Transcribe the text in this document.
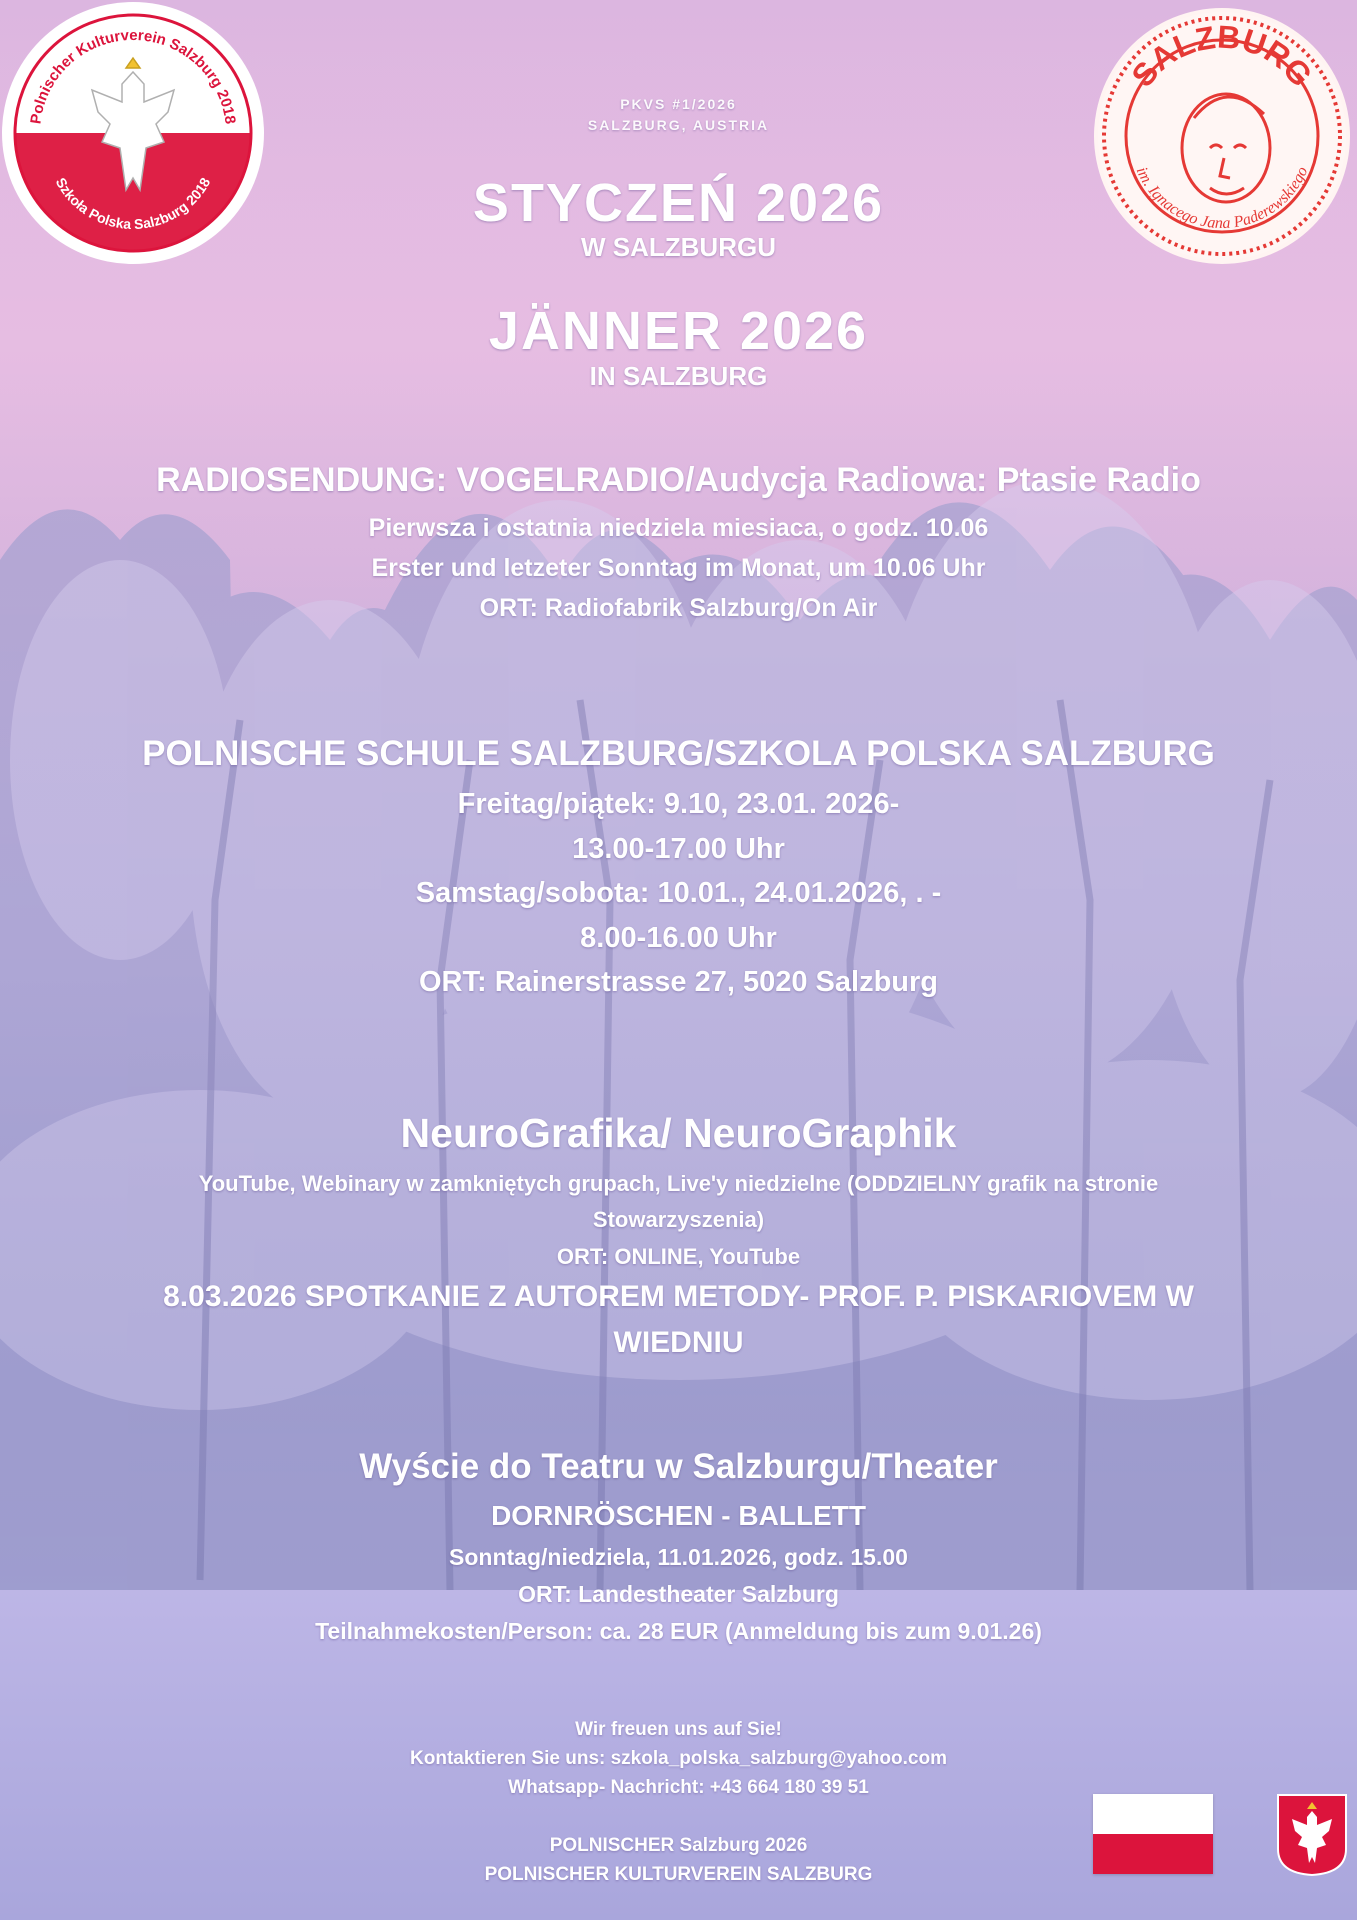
Polnischer Kulturverein Salzburg 2018
Szkoła Polska Salzburg 2018
SALZBURG
im. Ignacego Jana Paderewskiego
PKVS #1/2026
SALZBURG, AUSTRIA
STYCZEŃ 2026
W SALZBURGU
JÄNNER 2026
IN SALZBURG
RADIOSENDUNG: VOGELRADIO/Audycja Radiowa: Ptasie Radio
Pierwsza i ostatnia niedziela miesiaca, o godz. 10.06
Erster und letzeter Sonntag im Monat, um 10.06 Uhr
ORT: Radiofabrik Salzburg/On Air
POLNISCHE SCHULE SALZBURG/SZKOLA POLSKA SALZBURG
Freitag/piątek: 9.10, 23.01. 2026-
13.00-17.00 Uhr
Samstag/sobota: 10.01., 24.01.2026, . -
8.00-16.00 Uhr
ORT: Rainerstrasse 27, 5020 Salzburg
NeuroGrafika/ NeuroGraphik
YouTube, Webinary w zamkniętych grupach, Live'y niedzielne (ODDZIELNY grafik na stronie
Stowarzyszenia)
ORT: ONLINE, YouTube
8.03.2026 SPOTKANIE Z AUTOREM METODY- PROF. P. PISKARIOVEM W
WIEDNIU
Wyście do Teatru w Salzburgu/Theater
DORNRÖSCHEN - BALLETT
Sonntag/niedziela, 11.01.2026, godz. 15.00
ORT: Landestheater Salzburg
Teilnahmekosten/Person: ca. 28 EUR (Anmeldung bis zum 9.01.26)
Wir freuen uns auf Sie!
Kontaktieren Sie uns: szkola_polska_salzburg@yahoo.com
Whatsapp- Nachricht: +43 664 180 39 51
POLNISCHER Salzburg 2026
POLNISCHER KULTURVEREIN SALZBURG
